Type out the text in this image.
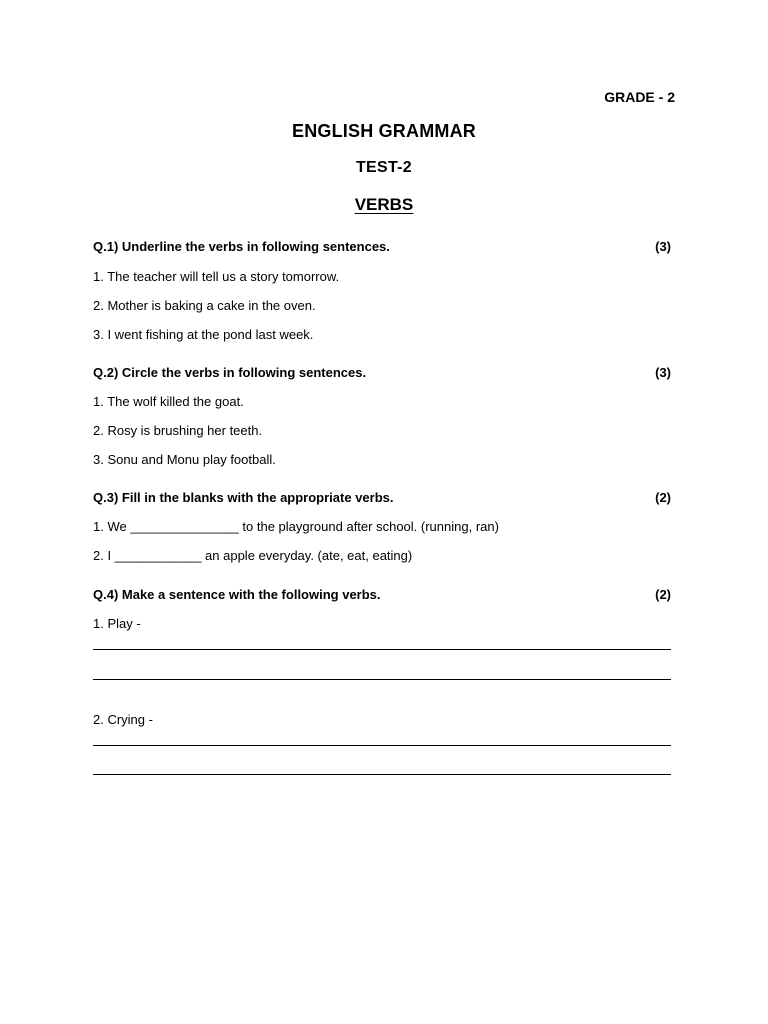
GRADE - 2
ENGLISH GRAMMAR
TEST-2
VERBS
Q.1) Underline the verbs in following sentences.	(3)
1. The teacher will tell us a story tomorrow.
2. Mother is baking a cake in the oven.
3. I went fishing at the pond last week.
Q.2) Circle the verbs in following sentences.	(3)
1. The wolf killed the goat.
2. Rosy is brushing her teeth.
3. Sonu and Monu play football.
Q.3) Fill in the blanks with the appropriate verbs.	(2)
1. We _______________ to the playground after school. (running, ran)
2. I ____________ an apple everyday. (ate, eat, eating)
Q.4) Make a sentence with the following verbs.	(2)
1. Play -
2. Crying -
